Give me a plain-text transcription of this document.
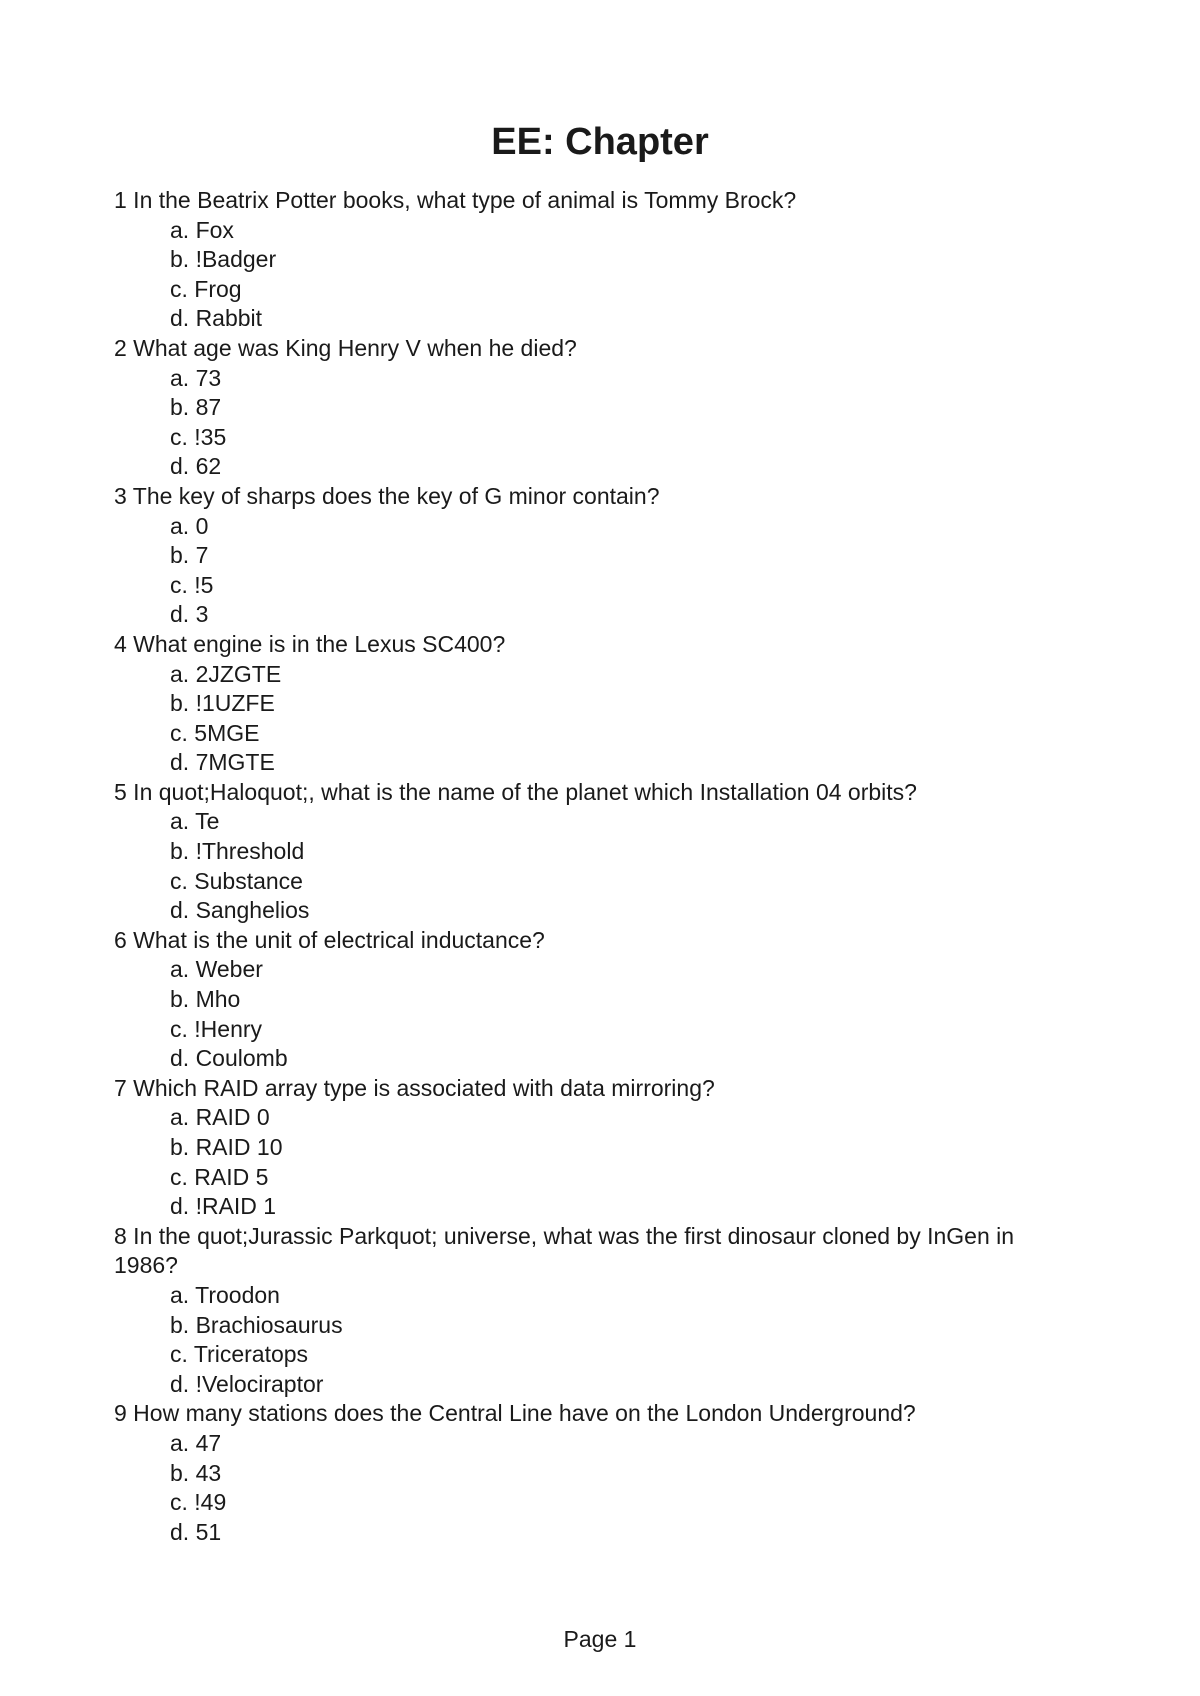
EE: Chapter

1 In the Beatrix Potter books, what type of animal is Tommy Brock?

a. Fox
b. !Badger
c. Frog
d. Rabbit

2 What age was King Henry V when he died?

a. 73
b. 87
c. !35
d. 62

3 The key of sharps does the key of G minor contain?

a. 0
b. 7
c. !5
d. 3

4 What engine is in the Lexus SC400?

a. 2JZGTE
b. !1UZFE
c. 5MGE
d. 7MGTE

5 In quot;Haloquot;, what is the name of the planet which Installation 04 orbits?

a. Te
b. !Threshold
c. Substance
d. Sanghelios

6 What is the unit of electrical inductance?

a. Weber
b. Mho
c. !Henry
d. Coulomb

7 Which RAID array type is associated with data mirroring?

a. RAID 0
b. RAID 10
c. RAID 5
d. !RAID 1

8 In the quot;Jurassic Parkquot; universe, what was the first dinosaur cloned by InGen in 1986?

a. Troodon
b. Brachiosaurus
c. Triceratops
d. !Velociraptor

9 How many stations does the Central Line have on the London Underground?

a. 47
b. 43
c. !49
d. 51

Page 1
